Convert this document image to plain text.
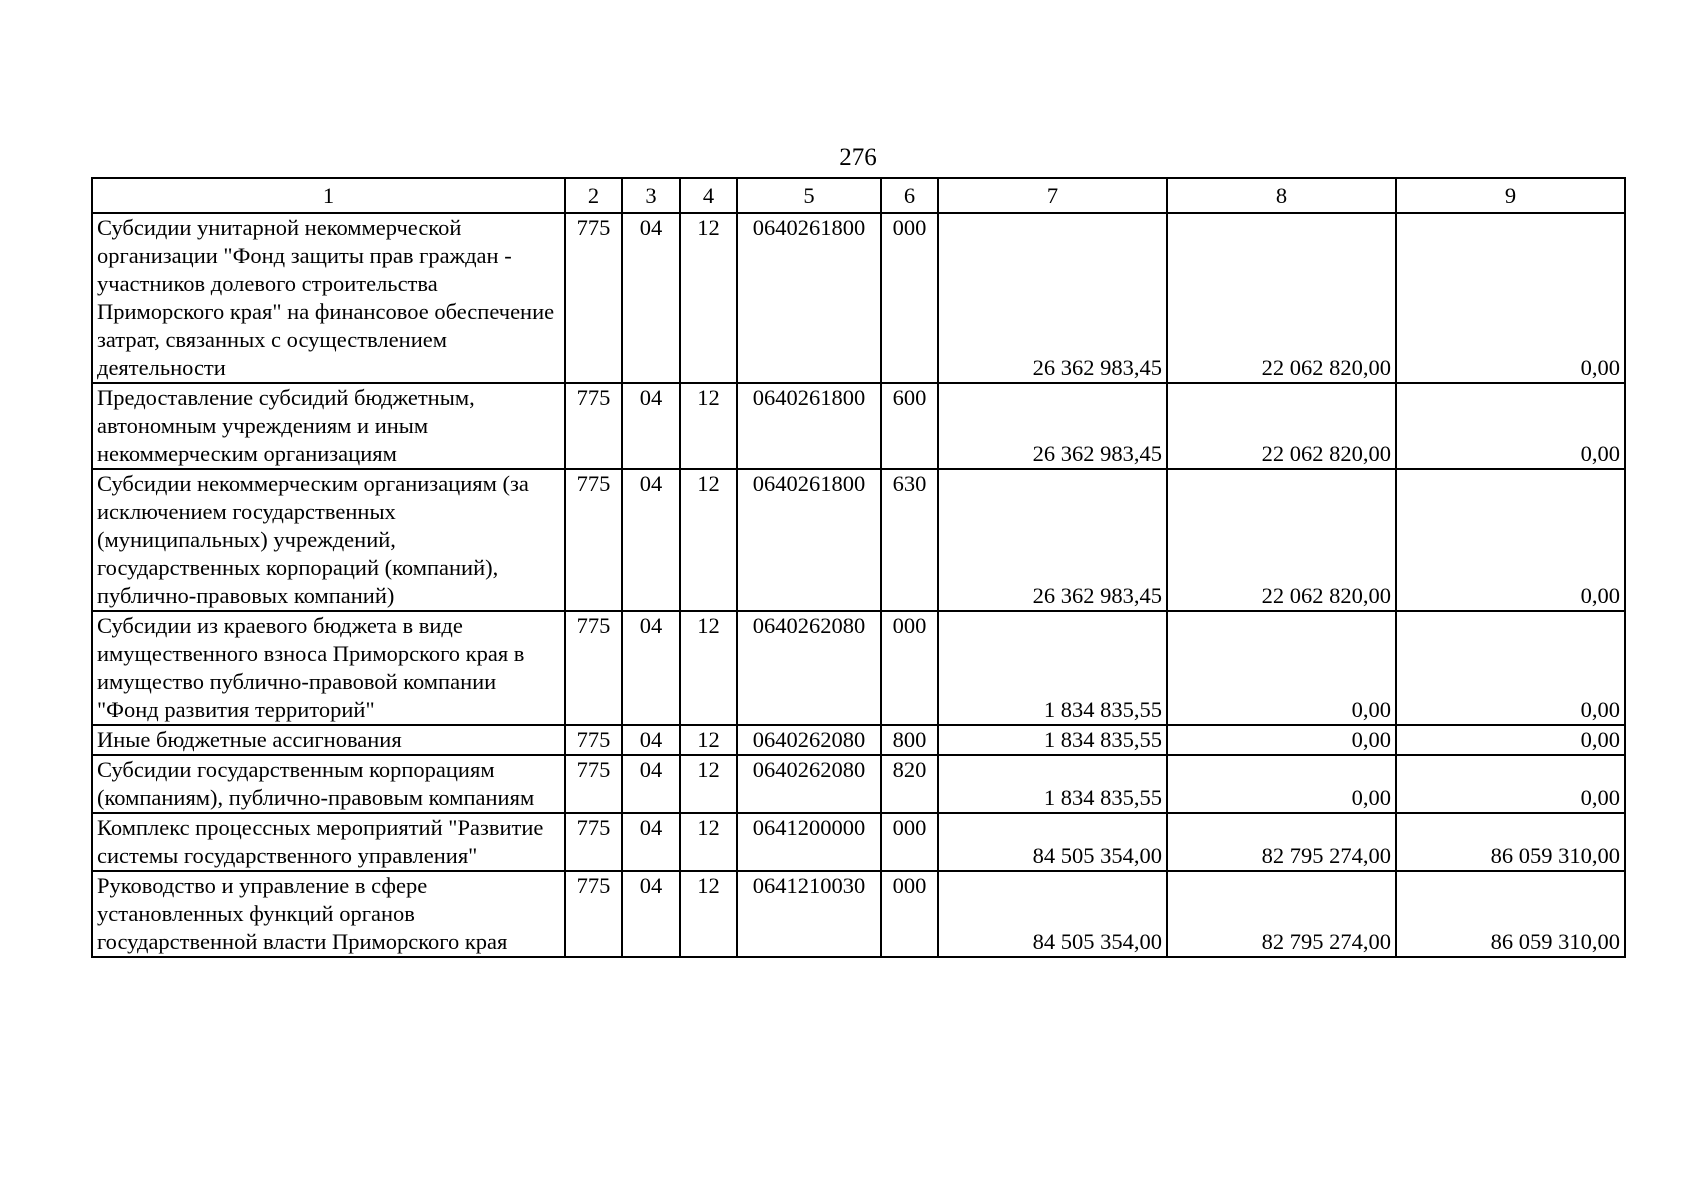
276
1	2	3	4	5	6	7	8	9
Субсидии унитарной некоммерческой организации "Фонд защиты прав граждан - участников долевого строительства Приморского края" на финансовое обеспечение затрат, связанных с осуществлением деятельности	775	04	12	0640261800	000	26 362 983,45	22 062 820,00	0,00
Предоставление субсидий бюджетным, автономным учреждениям и иным некоммерческим организациям	775	04	12	0640261800	600	26 362 983,45	22 062 820,00	0,00
Субсидии некоммерческим организациям (за исключением государственных (муниципальных) учреждений, государственных корпораций (компаний), публично-правовых компаний)	775	04	12	0640261800	630	26 362 983,45	22 062 820,00	0,00
Субсидии из краевого бюджета в виде имущественного взноса Приморского края в имущество публично-правовой компании "Фонд развития территорий"	775	04	12	0640262080	000	1 834 835,55	0,00	0,00
Иные бюджетные ассигнования	775	04	12	0640262080	800	1 834 835,55	0,00	0,00
Субсидии государственным корпорациям (компаниям), публично-правовым компаниям	775	04	12	0640262080	820	1 834 835,55	0,00	0,00
Комплекс процессных мероприятий "Развитие системы государственного управления"	775	04	12	0641200000	000	84 505 354,00	82 795 274,00	86 059 310,00
Руководство и управление в сфере установленных функций органов государственной власти Приморского края	775	04	12	0641210030	000	84 505 354,00	82 795 274,00	86 059 310,00
